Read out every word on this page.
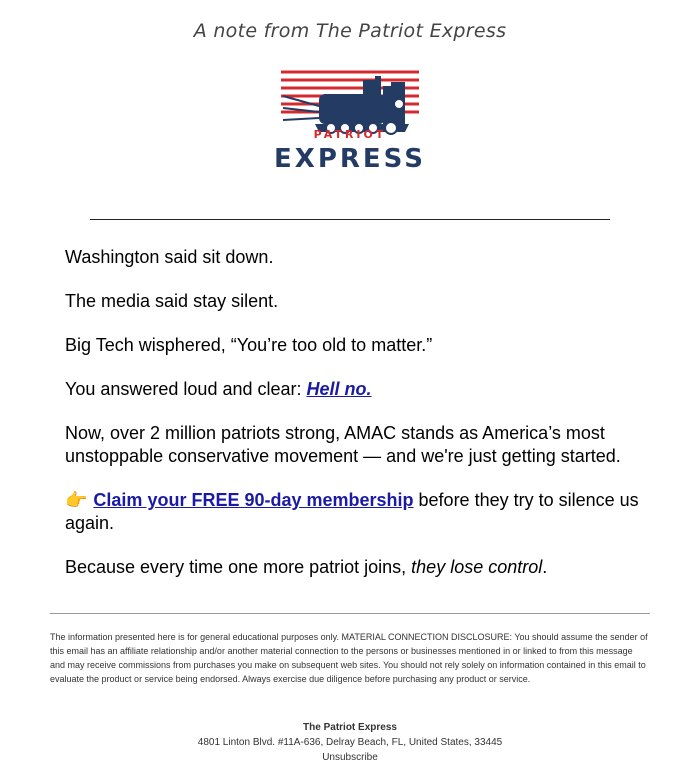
A note from The Patriot Express
PATRIOT
EXPRESS

Washington said sit down.

The media said stay silent.

Big Tech wisphered, “You’re too old to matter.”

You answered loud and clear: Hell no.

Now, over 2 million patriots strong, AMAC stands as America’s most unstoppable conservative movement — and we're just getting started.

👉 Claim your FREE 90-day membership before they try to silence us again.

Because every time one more patriot joins, they lose control.

The information presented here is for general educational purposes only. MATERIAL CONNECTION DISCLOSURE: You should assume the sender of this email has an affiliate relationship and/or another material connection to the persons or businesses mentioned in or linked to from this message and may receive commissions from purchases you make on subsequent web sites. You should not rely solely on information contained in this email to evaluate the product or service being endorsed. Always exercise due diligence before purchasing any product or service.
The Patriot Express
4801 Linton Blvd. #11A-636, Delray Beach, FL, United States, 33445
Unsubscribe
